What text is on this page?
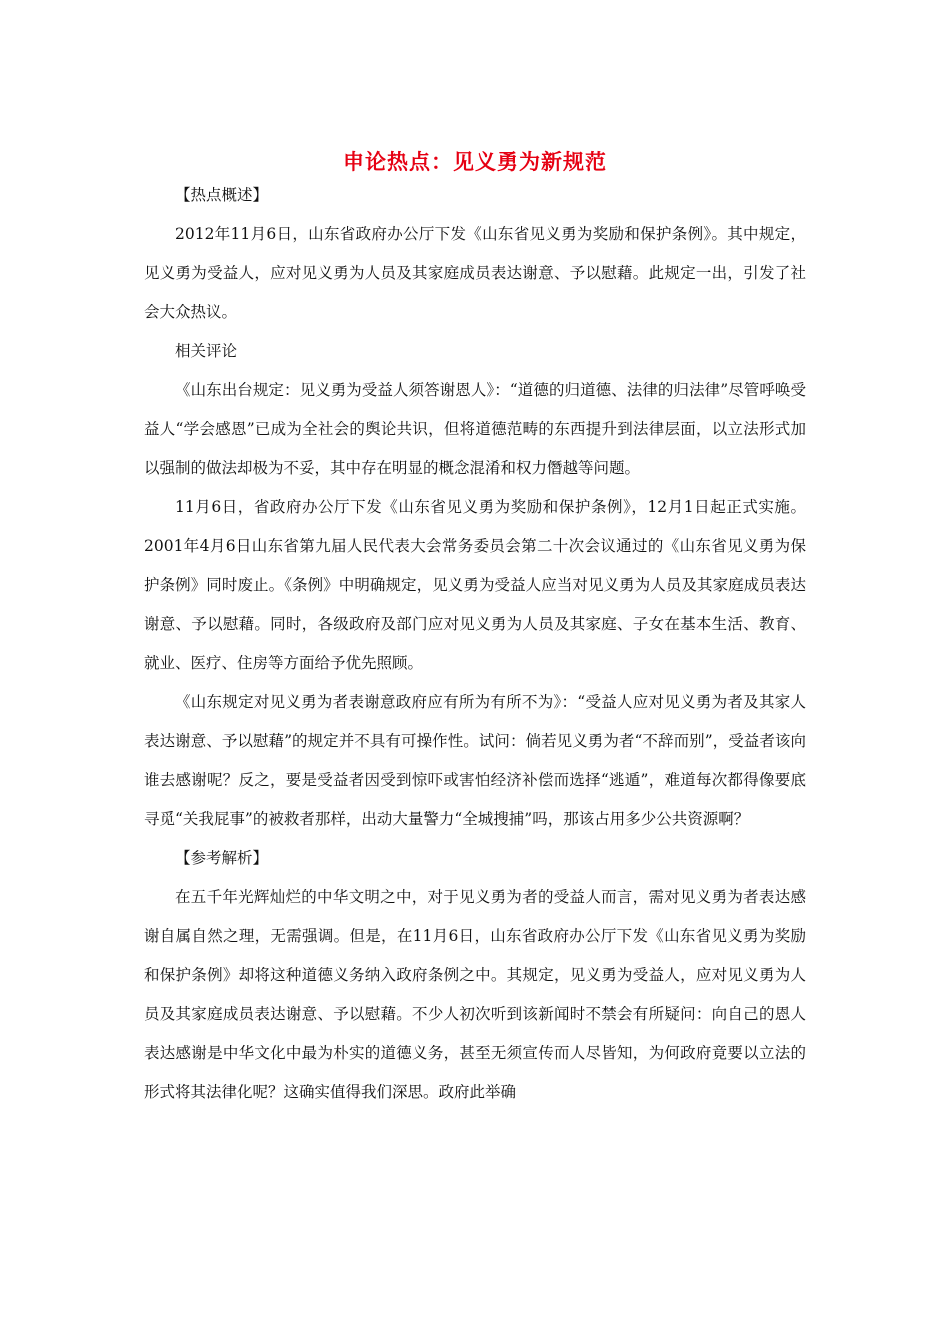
申论热点：见义勇为新规范

【热点概述】

2012年11月6日，山东省政府办公厅下发《山东省见义勇为奖励和保护条例》。其中规定，见义勇为受益人，应对见义勇为人员及其家庭成员表达谢意、予以慰藉。此规定一出，引发了社会大众热议。

相关评论

《山东出台规定：见义勇为受益人须答谢恩人》：“道德的归道德、法律的归法律”尽管呼唤受益人“学会感恩”已成为全社会的舆论共识，但将道德范畴的东西提升到法律层面，以立法形式加以强制的做法却极为不妥，其中存在明显的概念混淆和权力僭越等问题。

11月6日，省政府办公厅下发《山东省见义勇为奖励和保护条例》，12月1日起正式实施。2001年4月6日山东省第九届人民代表大会常务委员会第二十次会议通过的《山东省见义勇为保护条例》同时废止。《条例》中明确规定，见义勇为受益人应当对见义勇为人员及其家庭成员表达谢意、予以慰藉。同时，各级政府及部门应对见义勇为人员及其家庭、子女在基本生活、教育、就业、医疗、住房等方面给予优先照顾。

《山东规定对见义勇为者表谢意政府应有所为有所不为》：“受益人应对见义勇为者及其家人表达谢意、予以慰藉”的规定并不具有可操作性。试问：倘若见义勇为者“不辞而别”，受益者该向谁去感谢呢？反之，要是受益者因受到惊吓或害怕经济补偿而选择“逃遁”，难道每次都得像要底寻觅“关我屁事”的被救者那样，出动大量警力“全城搜捕”吗，那该占用多少公共资源啊？

【参考解析】

在五千年光辉灿烂的中华文明之中，对于见义勇为者的受益人而言，需对见义勇为者表达感谢自属自然之理，无需强调。但是，在11月6日，山东省政府办公厅下发《山东省见义勇为奖励和保护条例》却将这种道德义务纳入政府条例之中。其规定，见义勇为受益人，应对见义勇为人员及其家庭成员表达谢意、予以慰藉。不少人初次听到该新闻时不禁会有所疑问：向自己的恩人表达感谢是中华文化中最为朴实的道德义务，甚至无须宣传而人尽皆知，为何政府竟要以立法的形式将其法律化呢？这确实值得我们深思。政府此举确
